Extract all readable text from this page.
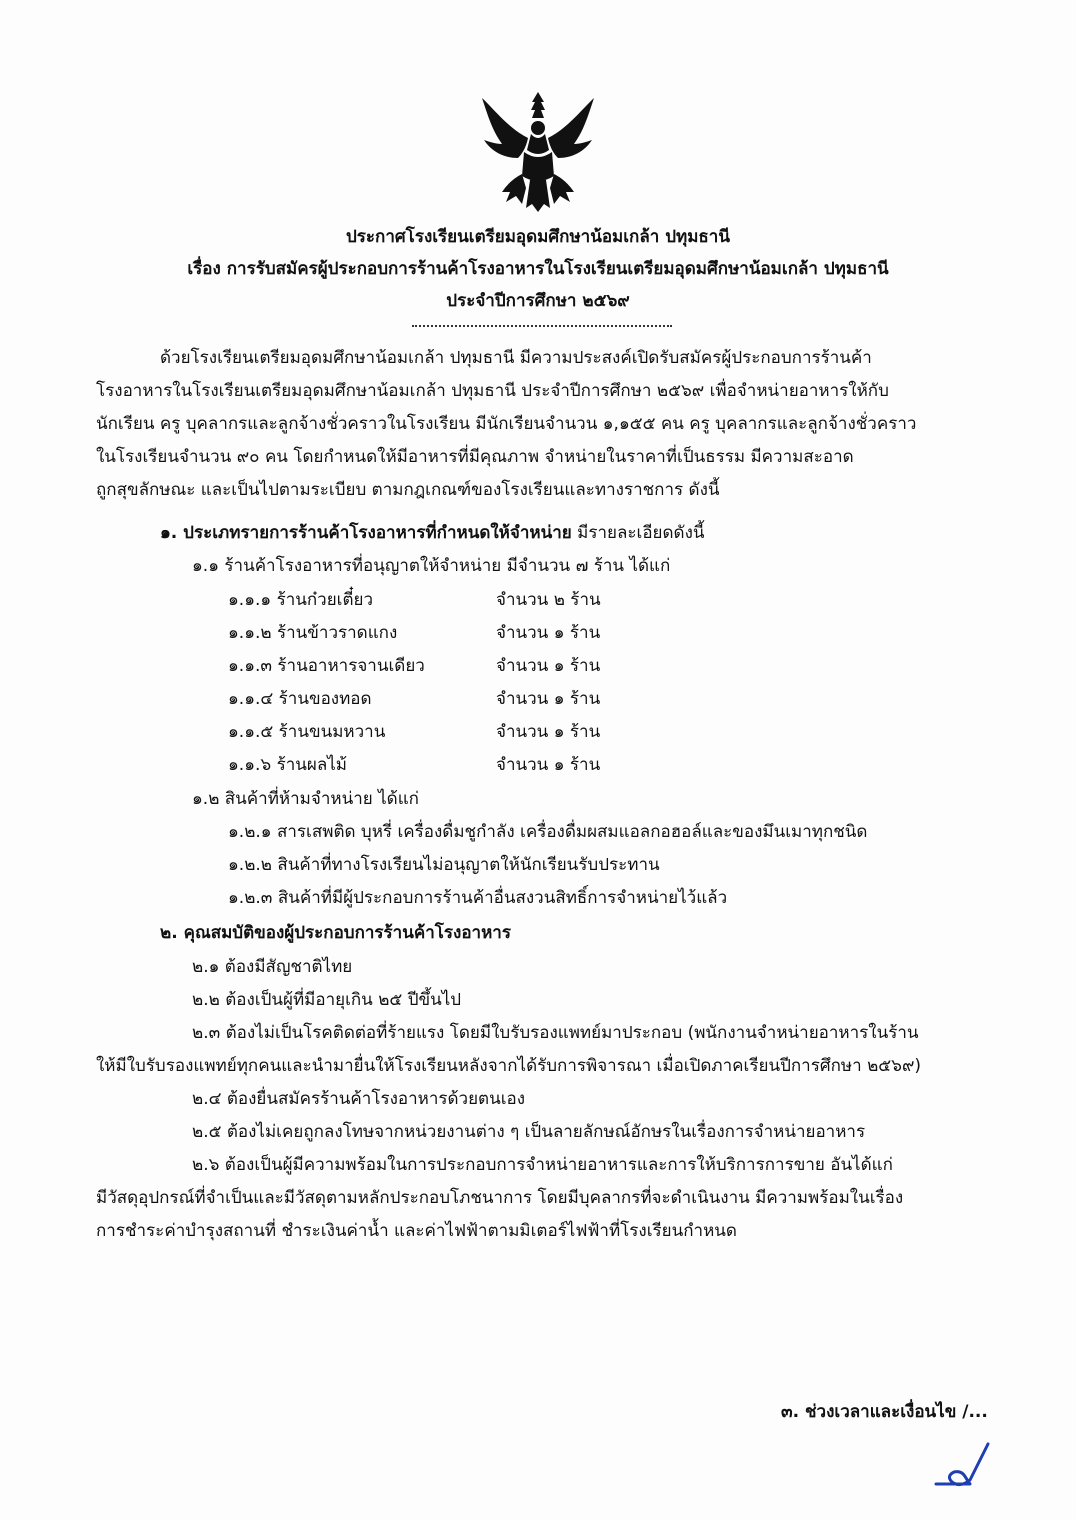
ประกาศโรงเรียนเตรียมอุดมศึกษาน้อมเกล้า ปทุมธานี
เรื่อง การรับสมัครผู้ประกอบการร้านค้าโรงอาหารในโรงเรียนเตรียมอุดมศึกษาน้อมเกล้า ปทุมธานี
ประจำปีการศึกษา ๒๕๖๙
ด้วยโรงเรียนเตรียมอุดมศึกษาน้อมเกล้า ปทุมธานี มีความประสงค์เปิดรับสมัครผู้ประกอบการร้านค้า
โรงอาหารในโรงเรียนเตรียมอุดมศึกษาน้อมเกล้า ปทุมธานี ประจำปีการศึกษา ๒๕๖๙ เพื่อจำหน่ายอาหารให้กับ
นักเรียน ครู บุคลากรและลูกจ้างชั่วคราวในโรงเรียน มีนักเรียนจำนวน ๑,๑๕๕ คน ครู บุคลากรและลูกจ้างชั่วคราว
ในโรงเรียนจำนวน ๙๐ คน โดยกำหนดให้มีอาหารที่มีคุณภาพ จำหน่ายในราคาที่เป็นธรรม มีความสะอาด
ถูกสุขลักษณะ และเป็นไปตามระเบียบ ตามกฎเกณฑ์ของโรงเรียนและทางราชการ ดังนี้
๑. ประเภทรายการร้านค้าโรงอาหารที่กำหนดให้จำหน่าย มีรายละเอียดดังนี้
๑.๑ ร้านค้าโรงอาหารที่อนุญาตให้จำหน่าย มีจำนวน ๗ ร้าน ได้แก่
๑.๑.๑ ร้านก๋วยเตี๋ยว	จำนวน ๒ ร้าน
๑.๑.๒ ร้านข้าวราดแกง	จำนวน ๑ ร้าน
๑.๑.๓ ร้านอาหารจานเดียว	จำนวน ๑ ร้าน
๑.๑.๔ ร้านของทอด	จำนวน ๑ ร้าน
๑.๑.๕ ร้านขนมหวาน	จำนวน ๑ ร้าน
๑.๑.๖ ร้านผลไม้	จำนวน ๑ ร้าน
๑.๒ สินค้าที่ห้ามจำหน่าย ได้แก่
๑.๒.๑ สารเสพติด บุหรี่ เครื่องดื่มชูกำลัง เครื่องดื่มผสมแอลกอฮอล์และของมึนเมาทุกชนิด
๑.๒.๒ สินค้าที่ทางโรงเรียนไม่อนุญาตให้นักเรียนรับประทาน
๑.๒.๓ สินค้าที่มีผู้ประกอบการร้านค้าอื่นสงวนสิทธิ์การจำหน่ายไว้แล้ว
๒. คุณสมบัติของผู้ประกอบการร้านค้าโรงอาหาร
๒.๑ ต้องมีสัญชาติไทย
๒.๒ ต้องเป็นผู้ที่มีอายุเกิน ๒๕ ปีขึ้นไป
๒.๓ ต้องไม่เป็นโรคติดต่อที่ร้ายแรง โดยมีใบรับรองแพทย์มาประกอบ (พนักงานจำหน่ายอาหารในร้าน
ให้มีใบรับรองแพทย์ทุกคนและนำมายื่นให้โรงเรียนหลังจากได้รับการพิจารณา เมื่อเปิดภาคเรียนปีการศึกษา ๒๕๖๙)
๒.๔ ต้องยื่นสมัครร้านค้าโรงอาหารด้วยตนเอง
๒.๕ ต้องไม่เคยถูกลงโทษจากหน่วยงานต่าง ๆ เป็นลายลักษณ์อักษรในเรื่องการจำหน่ายอาหาร
๒.๖ ต้องเป็นผู้มีความพร้อมในการประกอบการจำหน่ายอาหารและการให้บริการการขาย อันได้แก่
มีวัสดุอุปกรณ์ที่จำเป็นและมีวัสดุตามหลักประกอบโภชนาการ โดยมีบุคลากรที่จะดำเนินงาน มีความพร้อมในเรื่อง
การชำระค่าบำรุงสถานที่ ชำระเงินค่าน้ำ และค่าไฟฟ้าตามมิเตอร์ไฟฟ้าที่โรงเรียนกำหนด
๓. ช่วงเวลาและเงื่อนไข /...
